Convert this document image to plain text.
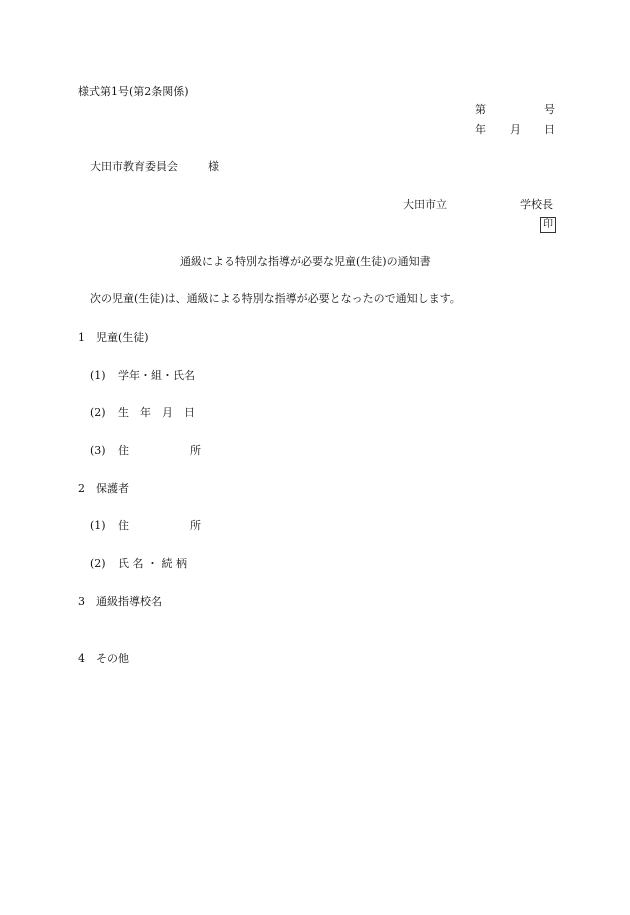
様式第1号(第2条関係)
第	号
年 月 日
大田市教育委員会	様
大田市立	学校長
印
通級による特別な指導が必要な児童(生徒)の通知書
次の児童(生徒)は、通級による特別な指導が必要となったので通知します。
1 児童(生徒)
(1) 学年・組・氏名
(2) 生　年　月　日
(3) 住	所
2 保護者
(1) 住	所
(2) 氏 名 ・ 続 柄
3 通級指導校名
4 その他
